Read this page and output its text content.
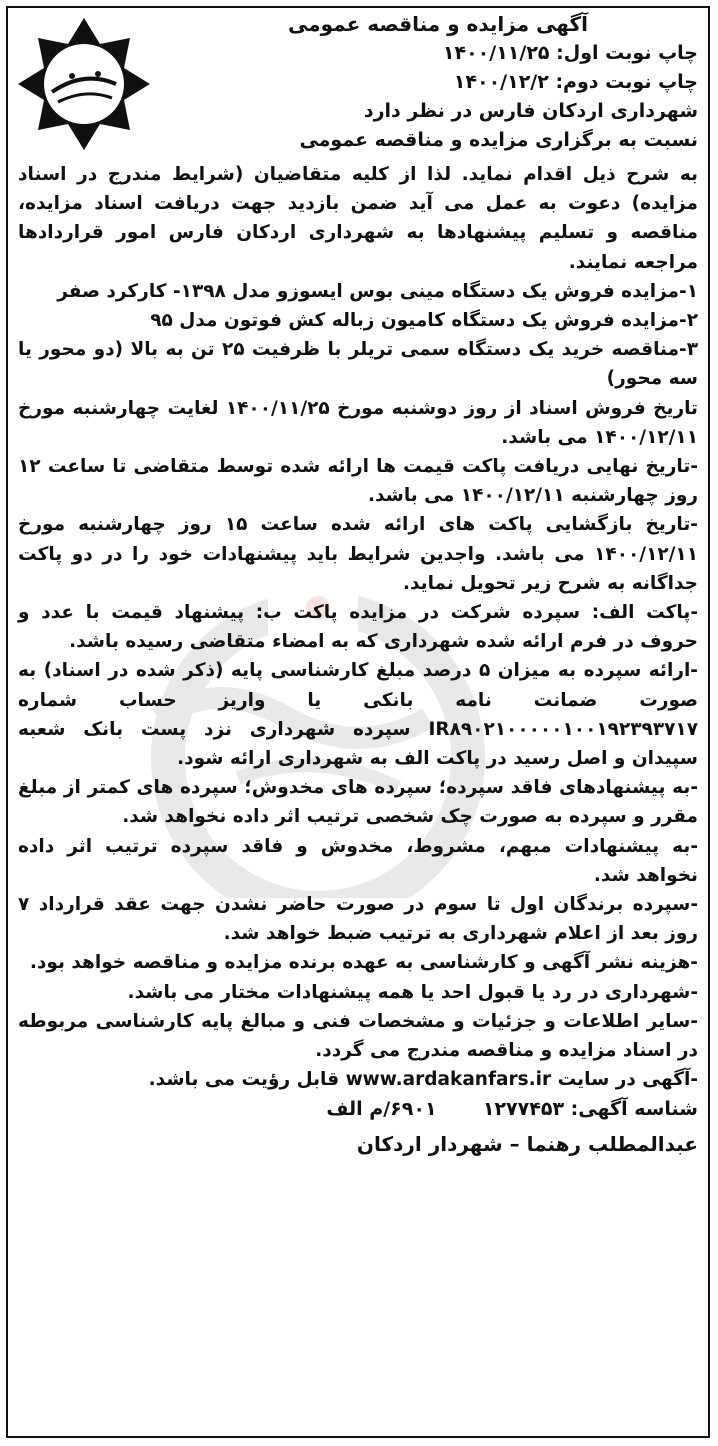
آگهی مزایده و مناقصه عمومی
چاپ نوبت اول: ۱۴۰۰/۱۱/۲۵
چاپ نوبت دوم: ۱۴۰۰/۱۲/۲
شهرداری اردکان فارس در نظر دارد
نسبت به برگزاری مزایده و مناقصه عمومی

به شرح ذیل اقدام نماید. لذا از کلیه متقاضیان (شرایط مندرج در اسناد مزایده) دعوت به عمل می آید ضمن بازدید جهت دریافت اسناد مزایده، مناقصه و تسلیم پیشنهادها به شهرداری اردکان فارس امور قراردادها مراجعه نمایند.

۱-مزایده فروش یک دستگاه مینی بوس ایسوزو مدل ۱۳۹۸- کارکرد صفر

۲-مزایده فروش یک دستگاه کامیون زباله کش فوتون مدل ۹۵

۳-مناقصه خرید یک دستگاه سمی تریلر با ظرفیت ۲۵ تن به بالا (دو محور یا سه محور)

تاریخ فروش اسناد از روز دوشنبه مورخ ۱۴۰۰/۱۱/۲۵ لغایت چهارشنبه مورخ ۱۴۰۰/۱۲/۱۱ می باشد.

-تاریخ نهایی دریافت پاکت قیمت ها ارائه شده توسط متقاضی تا ساعت ۱۲ روز چهارشنبه ۱۴۰۰/۱۲/۱۱ می باشد.

-تاریخ بازگشایی پاکت های ارائه شده ساعت ۱۵ روز چهارشنبه مورخ ۱۴۰۰/۱۲/۱۱ می باشد. واجدین شرایط باید پیشنهادات خود را در دو پاکت جداگانه به شرح زیر تحویل نماید.

-پاکت الف: سپرده شرکت در مزایده پاکت ب: پیشنهاد قیمت با عدد و حروف در فرم ارائه شده شهرداری که به امضاء متقاضی رسیده باشد.

-ارائه سپرده به میزان ۵ درصد مبلغ کارشناسی پایه (ذکر شده در اسناد) به صورت ضمانت نامه بانکی یا واریز حساب شماره IR۸۹۰۲۱۰۰۰۰۰۱۰۰۱۹۲۳۹۳۷۱۷ سپرده شهرداری نزد پست بانک شعبه سپیدان و اصل رسید در پاکت الف به شهرداری ارائه شود.

-به پیشنهادهای فاقد سپرده؛ سپرده های مخدوش؛ سپرده های کمتر از مبلغ مقرر و سپرده به صورت چک شخصی ترتیب اثر داده نخواهد شد.

-به پیشنهادات مبهم، مشروط، مخدوش و فاقد سپرده ترتیب اثر داده نخواهد شد.

-سپرده برندگان اول تا سوم در صورت حاضر نشدن جهت عقد قرارداد ۷ روز بعد از اعلام شهرداری به ترتیب ضبط خواهد شد.

-هزینه نشر آگهی و کارشناسی به عهده برنده مزایده و مناقصه خواهد بود.

-شهرداری در رد یا قبول احد یا همه پیشنهادات مختار می باشد.

-سایر اطلاعات و جزئیات و مشخصات فنی و مبالغ پایه کارشناسی مربوطه در اسناد مزایده و مناقصه مندرج می گردد.

-آگهی در سایت www.ardakanfars.ir قابل رؤیت می باشد.

شناسه آگهی: ۱۲۷۷۴۵۳       ۶۹۰۱/م الف

عبدالمطلب رهنما – شهردار اردکان
